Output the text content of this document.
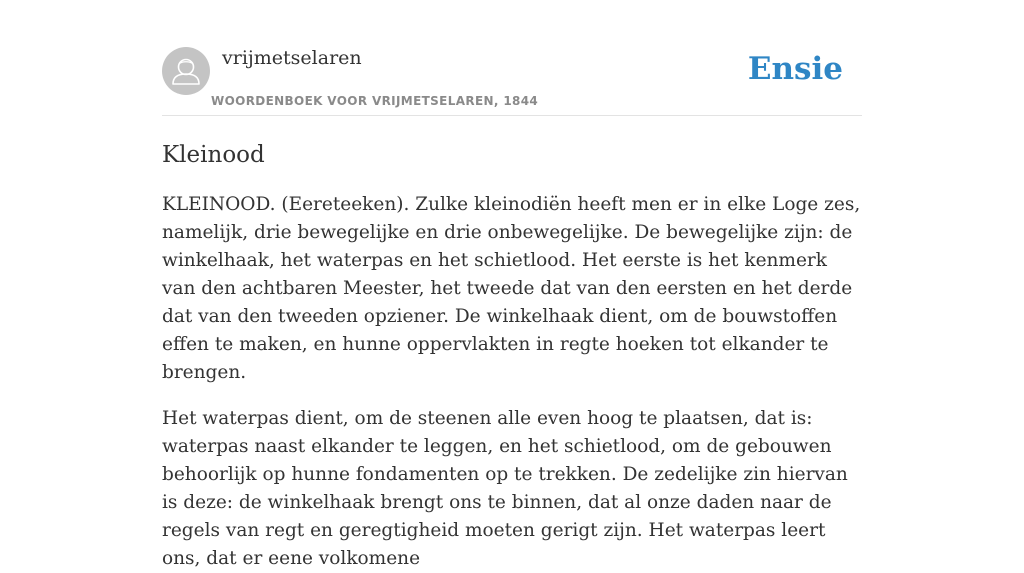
vrijmetselaren
WOORDENBOEK VOOR VRIJMETSELAREN, 1844
Ensie
Kleinood

KLEINOOD. (Eereteeken). Zulke kleinodiën heeft men er in elke Loge zes, namelijk, drie bewegelijke en drie onbewegelijke. De bewegelijke zijn: de winkelhaak, het waterpas en het schietlood. Het eerste is het kenmerk van den achtbaren Meester, het tweede dat van den eersten en het derde dat van den tweeden opziener. De winkelhaak dient, om de bouwstoffen effen te maken, en hunne oppervlakten in regte hoeken tot elkander te brengen.

Het waterpas dient, om de steenen alle even hoog te plaatsen, dat is: waterpas naast elkander te leggen, en het schietlood, om de gebouwen behoorlijk op hunne fondamenten op te trekken. De zedelijke zin hiervan is deze: de winkelhaak brengt ons te binnen, dat al onze daden naar de regels van regt en geregtigheid moeten gerigt zijn. Het waterpas leert ons, dat er eene volkomene
